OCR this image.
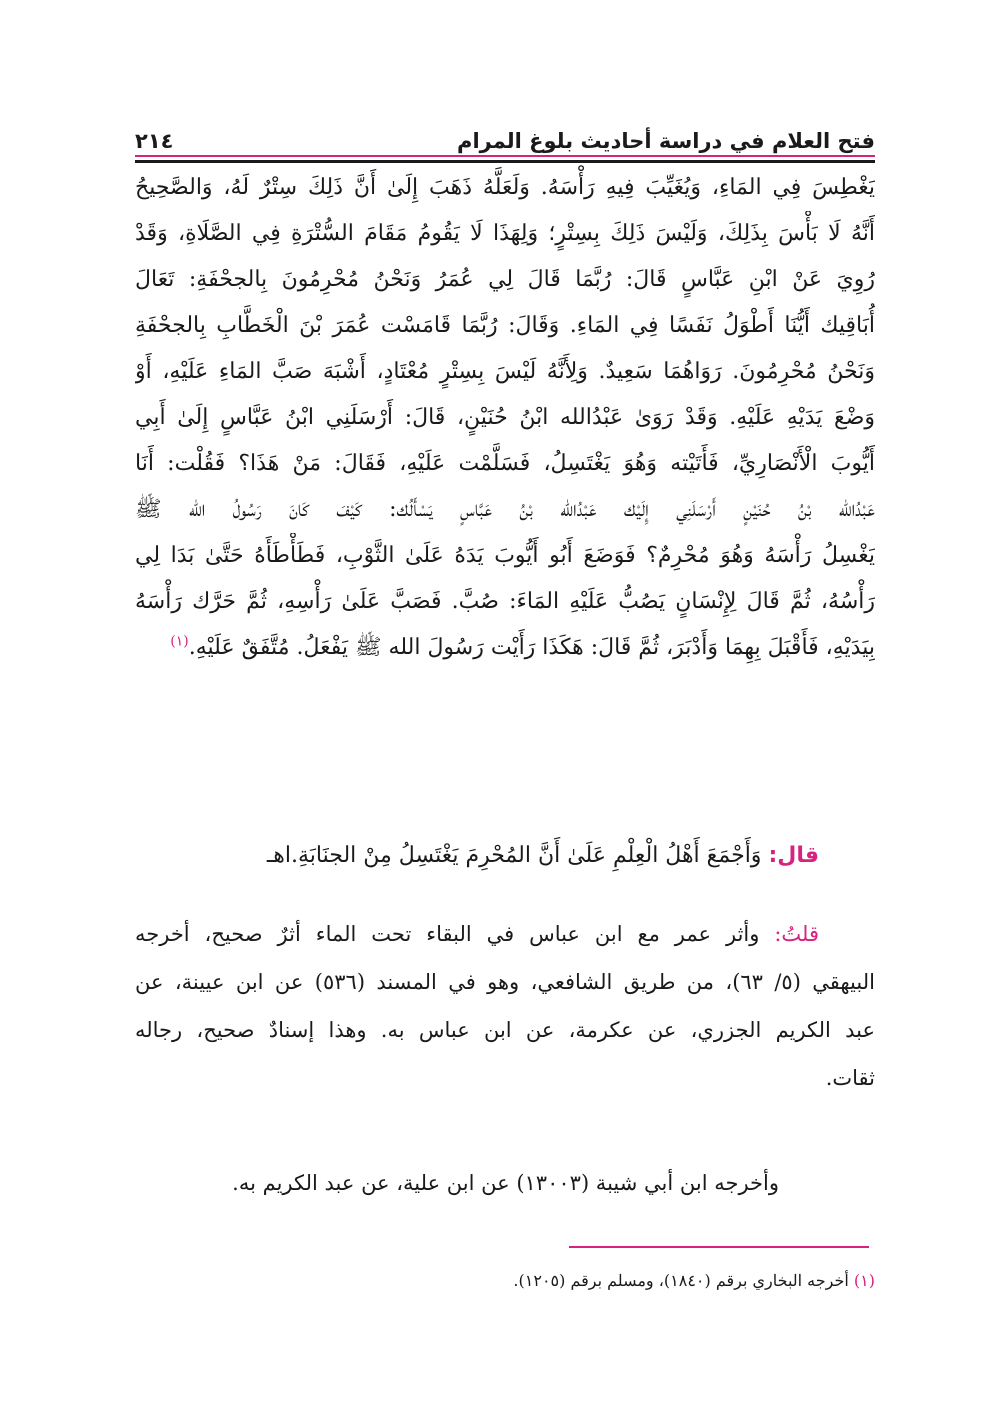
فتح العلام في دراسة أحاديث بلوغ المرام
٢١٤
يَغْطِسَ فِي المَاءِ، وَيُغَيِّبَ فِيهِ رَأْسَهُ. وَلَعَلَّهُ ذَهَبَ إِلَىٰ أَنَّ ذَلِكَ سِتْرٌ لَهُ، وَالصَّحِيحُ
أَنَّهُ لَا بَأْسَ بِذَلِكَ، وَلَيْسَ ذَلِكَ بِسِتْرٍ؛ وَلِهَذَا لَا يَقُومُ مَقَامَ السُّتْرَةِ فِي الصَّلَاةِ، وَقَدْ
رُوِيَ عَنْ ابْنِ عَبَّاسٍ قَالَ: رُبَّمَا قَالَ لِي عُمَرُ وَنَحْنُ مُحْرِمُونَ بِالجحْفَةِ: تَعَالَ
أُبَاقِيك أَيُّنَا أَطْوَلُ نَفَسًا فِي المَاءِ. وَقَالَ: رُبَّمَا قَامَسْت عُمَرَ بْنَ الْخَطَّابِ بِالجحْفَةِ
وَنَحْنُ مُحْرِمُونَ. رَوَاهُمَا سَعِيدٌ. وَلِأَنَّهُ لَيْسَ بِسِتْرٍ مُعْتَادٍ، أَشْبَهَ صَبَّ المَاءِ عَلَيْهِ، أَوْ
وَضْعَ يَدَيْهِ عَلَيْهِ. وَقَدْ رَوَىٰ عَبْدُالله ابْنُ حُنَيْنٍ، قَالَ: أَرْسَلَنِي ابْنُ عَبَّاسٍ إِلَىٰ أَبِي
أَيُّوبَ الْأَنْصَارِيِّ، فَأَتَيْته وَهُوَ يَغْتَسِلُ، فَسَلَّمْت عَلَيْهِ، فَقَالَ: مَنْ هَذَا؟ فَقُلْت: أَنَا
عَبْدُالله بْنُ حُنَيْنٍ أَرْسَلَنِي إِلَيْك عَبْدُالله بْنُ عَبَّاسٍ يَسْأَلُك: كَيْفَ كَانَ رَسُولُ الله ﷺ
يَغْسِلُ رَأْسَهُ وَهُوَ مُحْرِمٌ؟ فَوَضَعَ أَبُو أَيُّوبَ يَدَهُ عَلَىٰ الثَّوْبِ، فَطَأْطَأَهُ حَتَّىٰ بَدَا لِي
رَأْسُهُ، ثُمَّ قَالَ لِإِنْسَانٍ يَصُبُّ عَلَيْهِ المَاءَ: صُبَّ. فَصَبَّ عَلَىٰ رَأْسِهِ، ثُمَّ حَرَّك رَأْسَهُ
بِيَدَيْهِ، فَأَقْبَلَ بِهِمَا وَأَدْبَرَ، ثُمَّ قَالَ: هَكَذَا رَأَيْت رَسُولَ الله ﷺ يَفْعَلُ. مُتَّفَقٌ عَلَيْهِ.$^{(١)}$
قال: وَأَجْمَعَ أَهْلُ الْعِلْمِ عَلَىٰ أَنَّ المُحْرِمَ يَغْتَسِلُ مِنْ الجنَابَةِ.اهـ
قلتُ: وأثر عمر مع ابن عباس في البقاء تحت الماء أثرٌ صحيح، أخرجه
البيهقي (٥/ ٦٣)، من طريق الشافعي، وهو في المسند (٥٣٦) عن ابن عيينة، عن
عبد الكريم الجزري، عن عكرمة، عن ابن عباس به. وهذا إسنادٌ صحيح، رجاله
ثقات.
وأخرجه ابن أبي شيبة (١٣٠٠٣) عن ابن علية، عن عبد الكريم به.
(١) أخرجه البخاري برقم (١٨٤٠)، ومسلم برقم (١٢٠٥).
